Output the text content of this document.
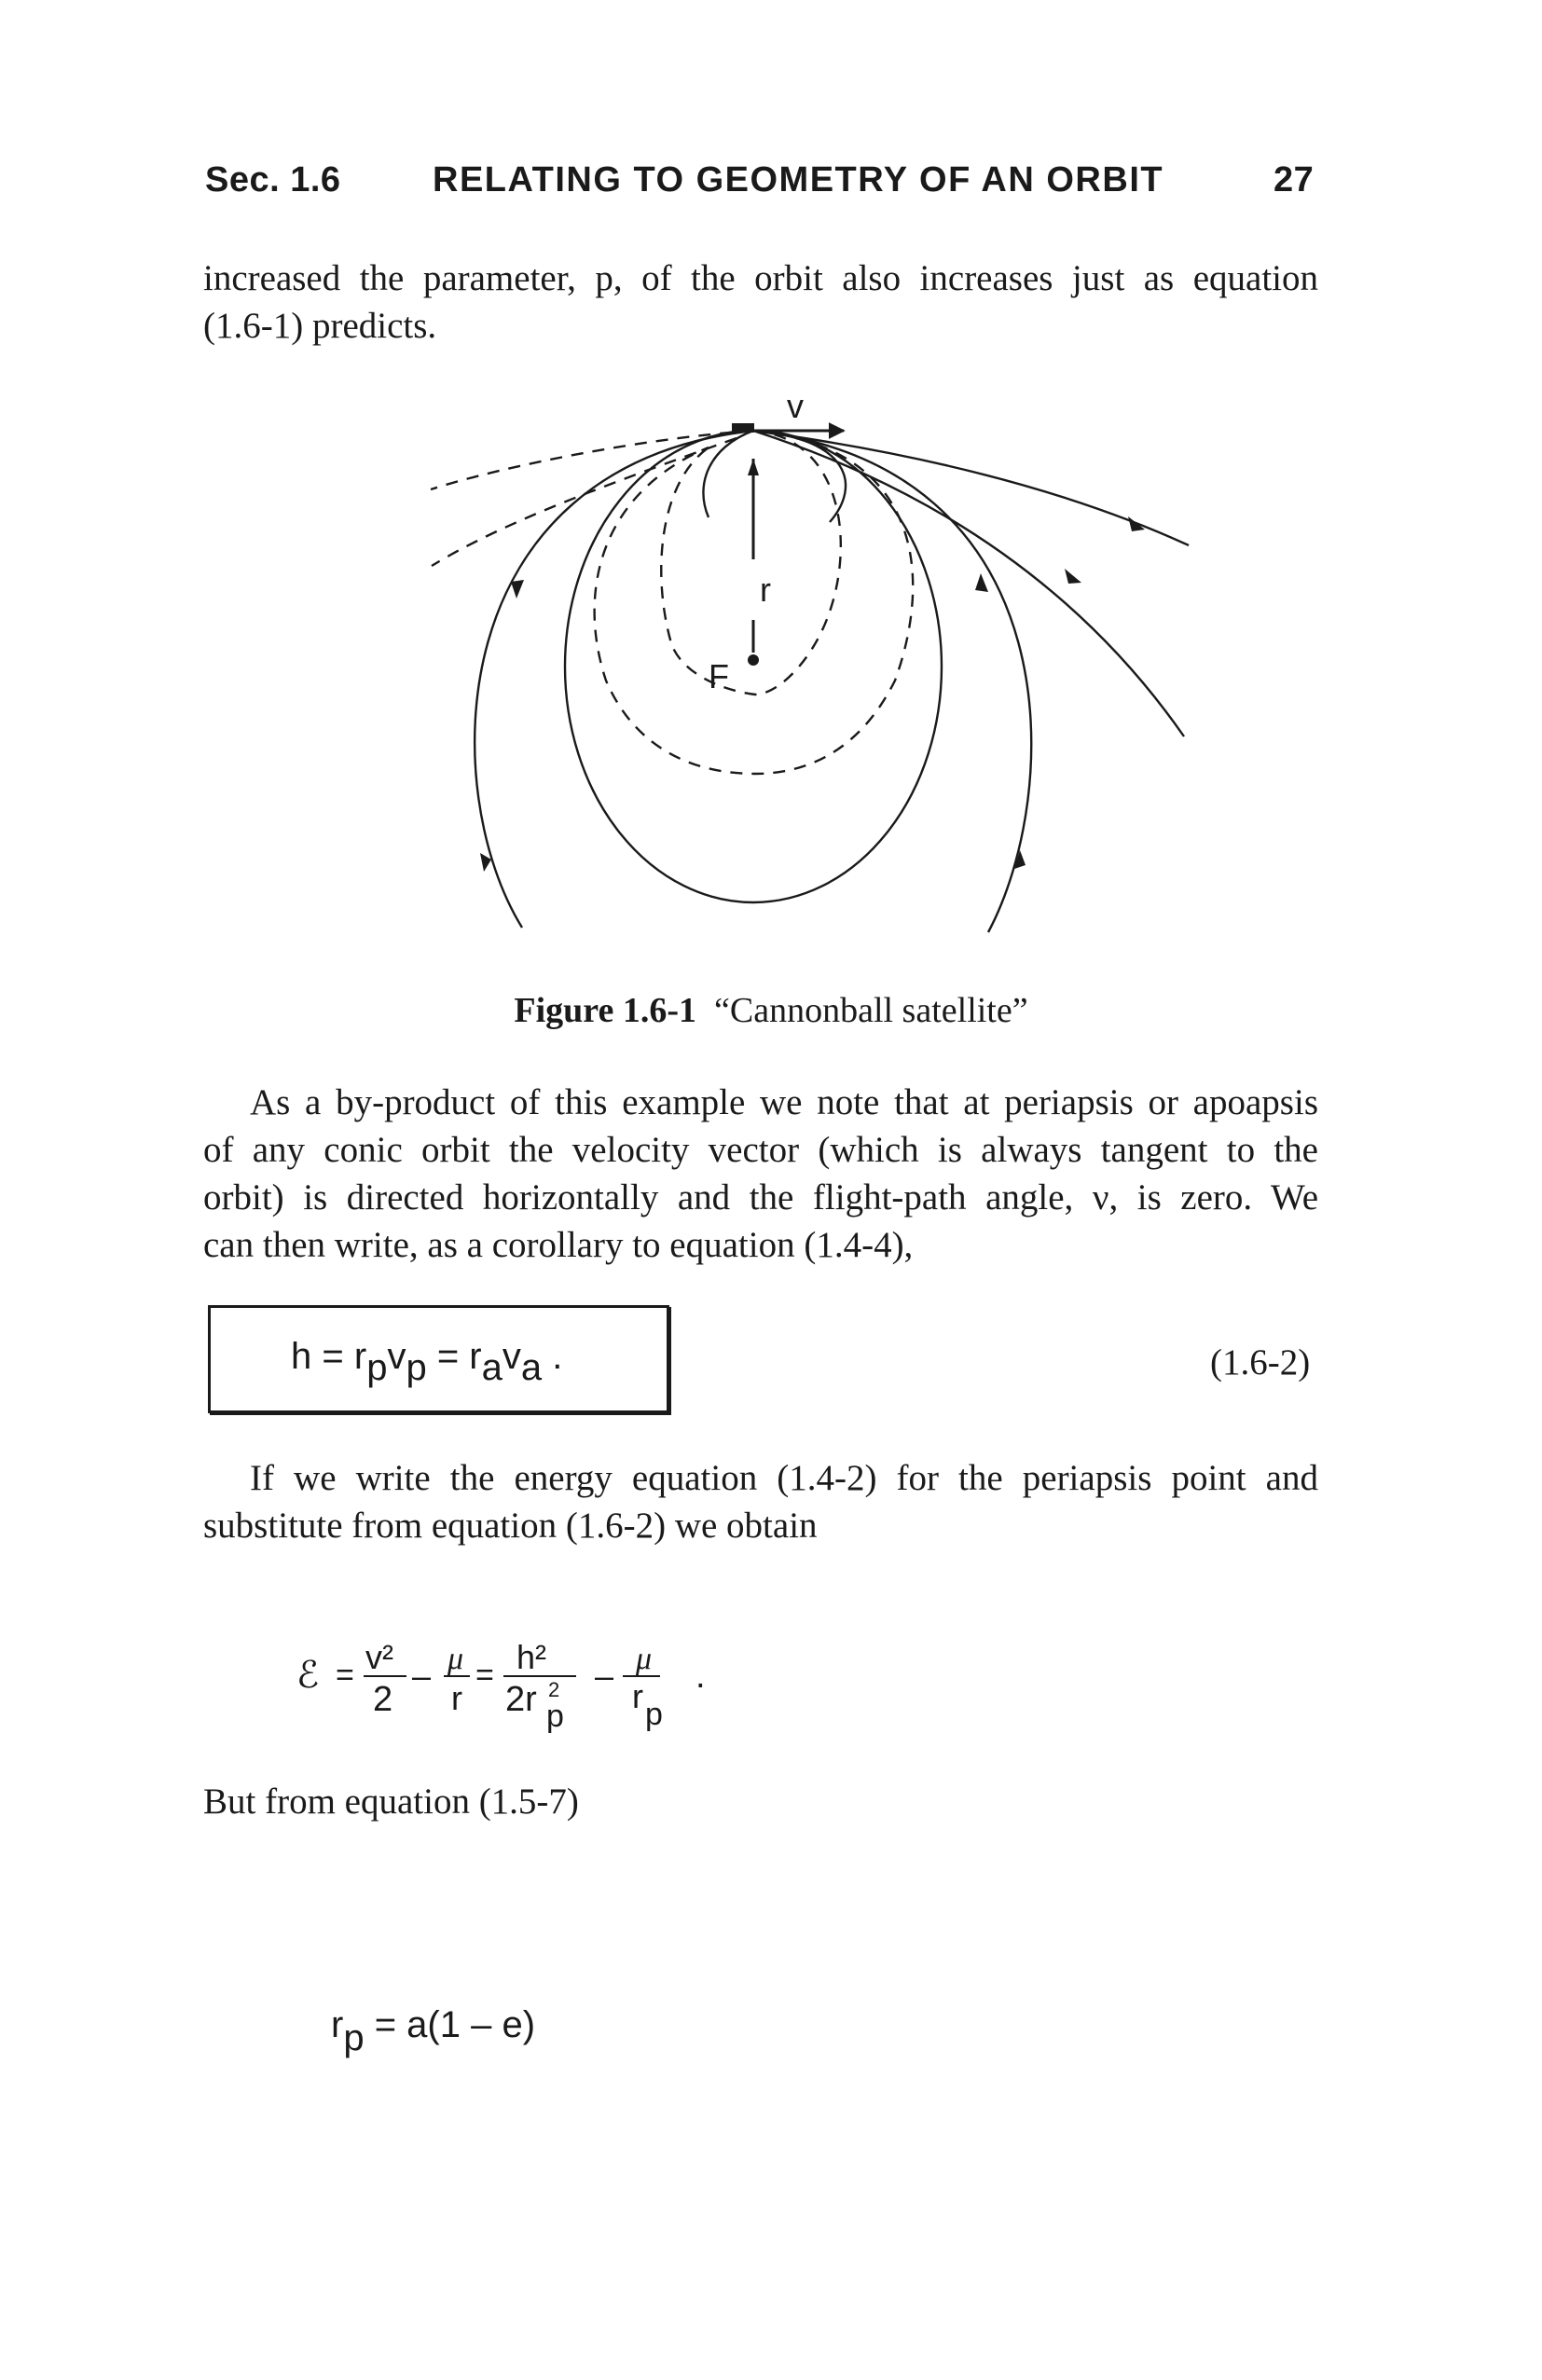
Sec. 1.6	RELATING TO GEOMETRY OF AN ORBIT	27
increased the parameter, p, of the orbit also increases just as equation
(1.6-1) predicts.
v
r
F
Figure 1.6-1 “Cannonball satellite”
As a by-product of this example we note that at periapsis or apoapsis
of any conic orbit the velocity vector (which is always tangent to the
orbit) is directed horizontally and the flight-path angle, ν, is zero. We
can then write, as a corollary to equation (1.4-4),
$h = r_pv_p = r_av_a$ .	(1.6-2)
If we write the energy equation (1.4-2) for the periapsis point and
substitute from equation (1.6-2) we obtain
ℰ = v²
2
– μ
r
= h²
2r 2
p
– μ
r p
.
But from equation (1.5-7)
$r_p = a(1 - e)$
